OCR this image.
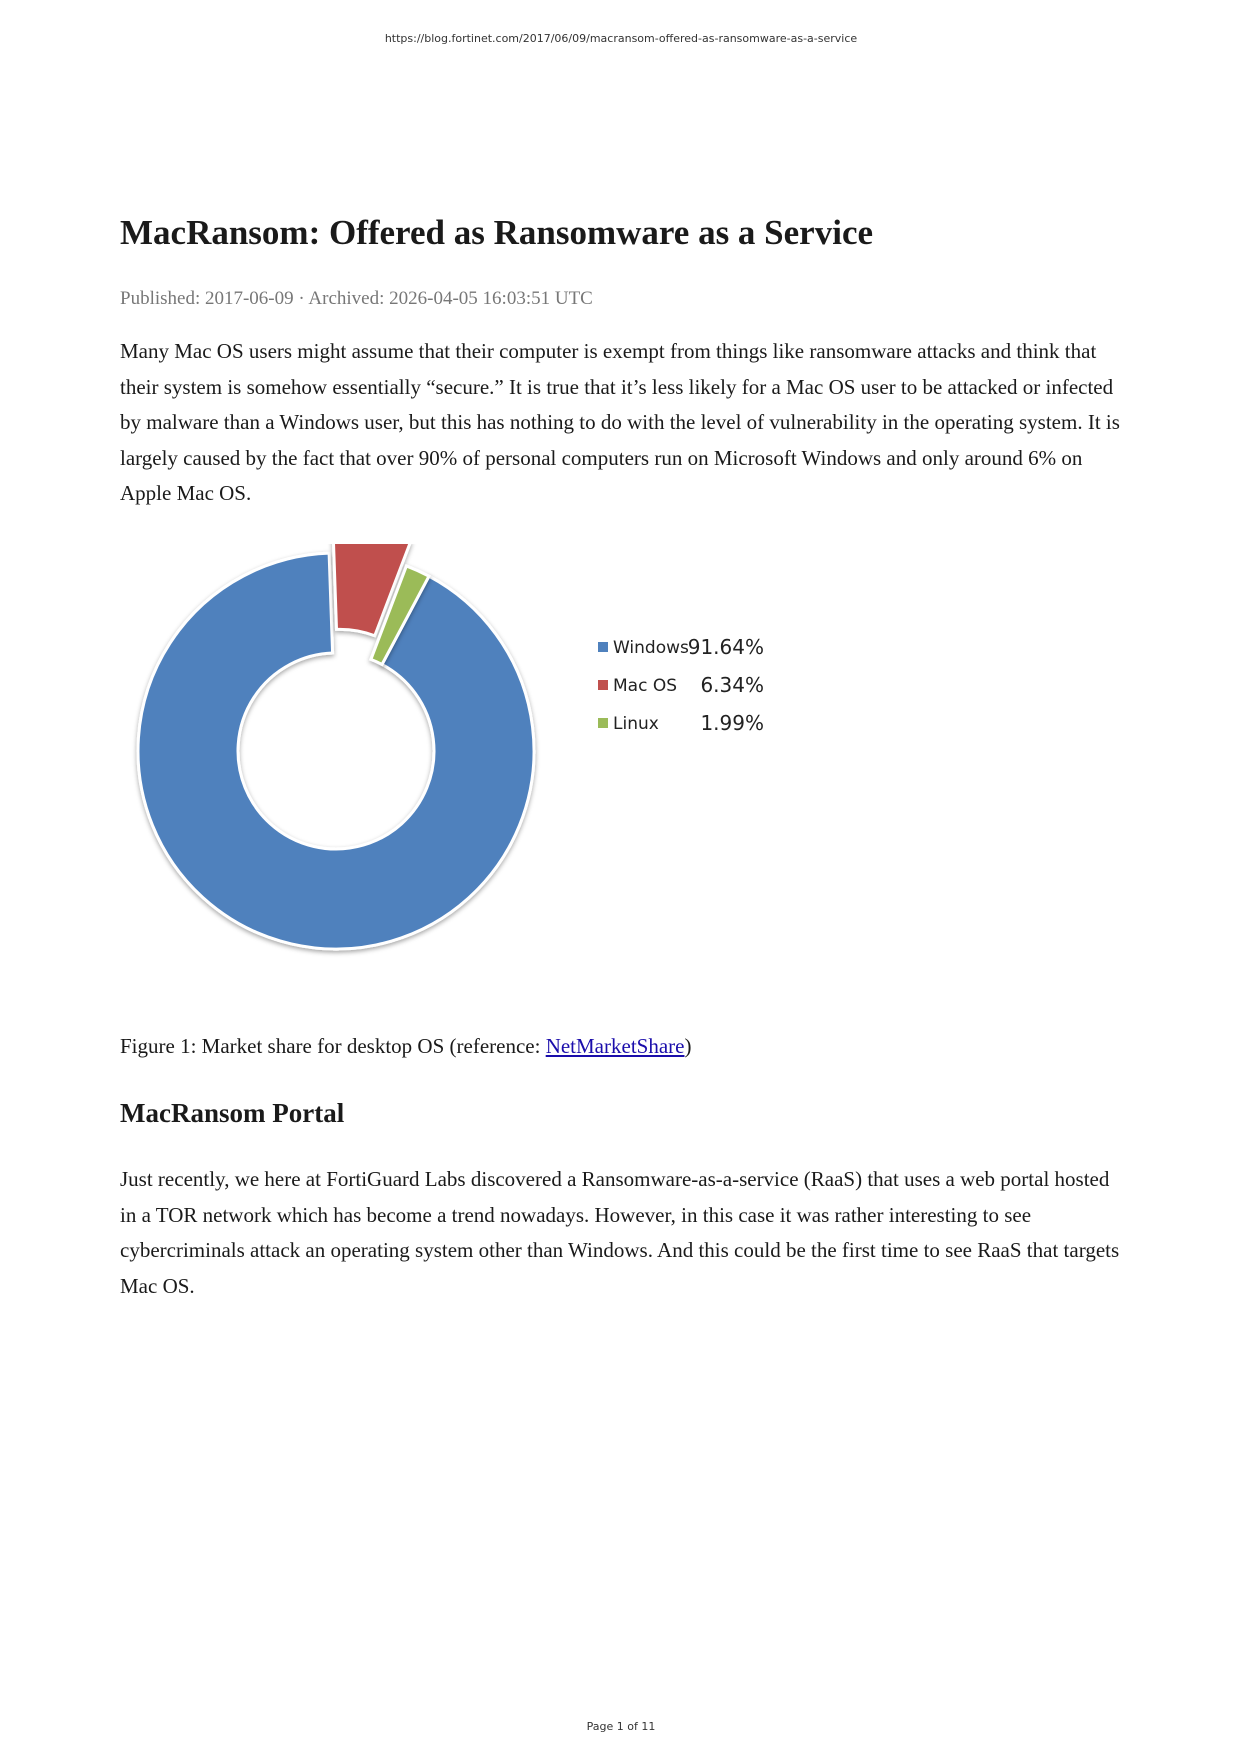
https://blog.fortinet.com/2017/06/09/macransom-offered-as-ransomware-as-a-service
MacRansom: Offered as Ransomware as a Service
Published: 2017-06-09 · Archived: 2026-04-05 16:03:51 UTC

Many Mac OS users might assume that their computer is exempt from things like ransomware attacks and think that their system is somehow essentially “secure.” It is true that it’s less likely for a Mac OS user to be attacked or infected by malware than a Windows user, but this has nothing to do with the level of vulnerability in the operating system. It is largely caused by the fact that over 90% of personal computers run on Microsoft Windows and only around 6% on Apple Mac OS.

Windows
91.64%
Mac OS 6.34%
Linux 1.99%
Figure 1: Market share for desktop OS (reference: NetMarketShare)
MacRansom Portal

Just recently, we here at FortiGuard Labs discovered a Ransomware-as-a-service (RaaS) that uses a web portal hosted in a TOR network which has become a trend nowadays. However, in this case it was rather interesting to see cybercriminals attack an operating system other than Windows. And this could be the first time to see RaaS that targets Mac OS.

Page 1 of 11
